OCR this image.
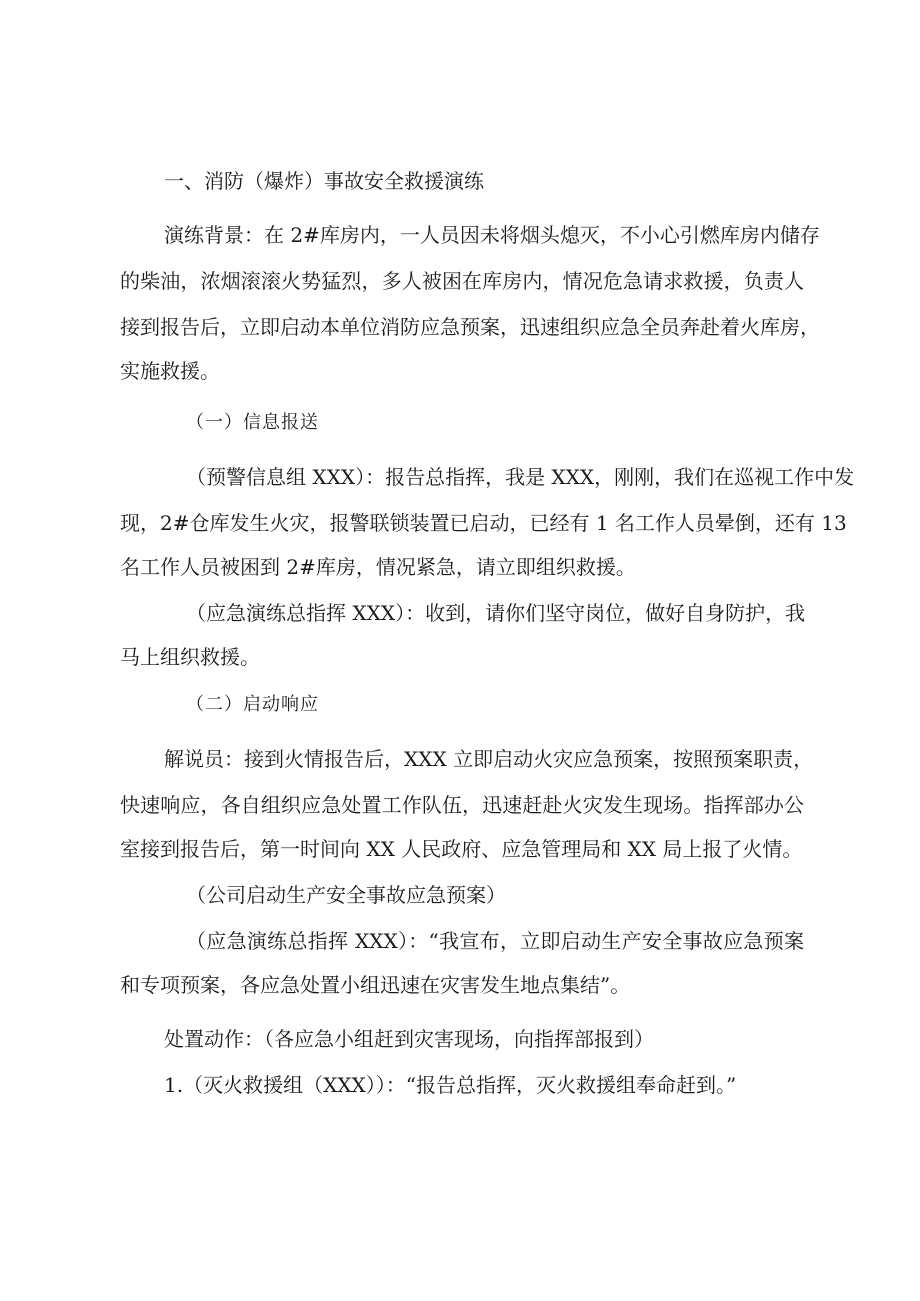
一、消防（爆炸）事故安全救援演练
演练背景：在 2#库房内，一人员因未将烟头熄灭，不小心引燃库房内储存
的柴油，浓烟滚滚火势猛烈，多人被困在库房内，情况危急请求救援，负责人
接到报告后，立即启动本单位消防应急预案，迅速组织应急全员奔赴着火库房，
实施救援。
（一）信息报送
（预警信息组 XXX）：报告总指挥，我是 XXX，刚刚，我们在巡视工作中发
现，2#仓库发生火灾，报警联锁装置已启动，已经有 1 名工作人员晕倒，还有 13
名工作人员被困到 2#库房，情况紧急，请立即组织救援。
（应急演练总指挥 XXX）：收到，请你们坚守岗位，做好自身防护，我
马上组织救援。
（二）启动响应
解说员：接到火情报告后，XXX 立即启动火灾应急预案，按照预案职责，
快速响应，各自组织应急处置工作队伍，迅速赶赴火灾发生现场。指挥部办公
室接到报告后，第一时间向 XX 人民政府、应急管理局和 XX 局上报了火情。
（公司启动生产安全事故应急预案）
（应急演练总指挥 XXX）：“我宣布，立即启动生产安全事故应急预案
和专项预案，各应急处置小组迅速在灾害发生地点集结”。
处置动作：（各应急小组赶到灾害现场，向指挥部报到）
1.（灭火救援组（XXX））：“报告总指挥，灭火救援组奉命赶到。”
